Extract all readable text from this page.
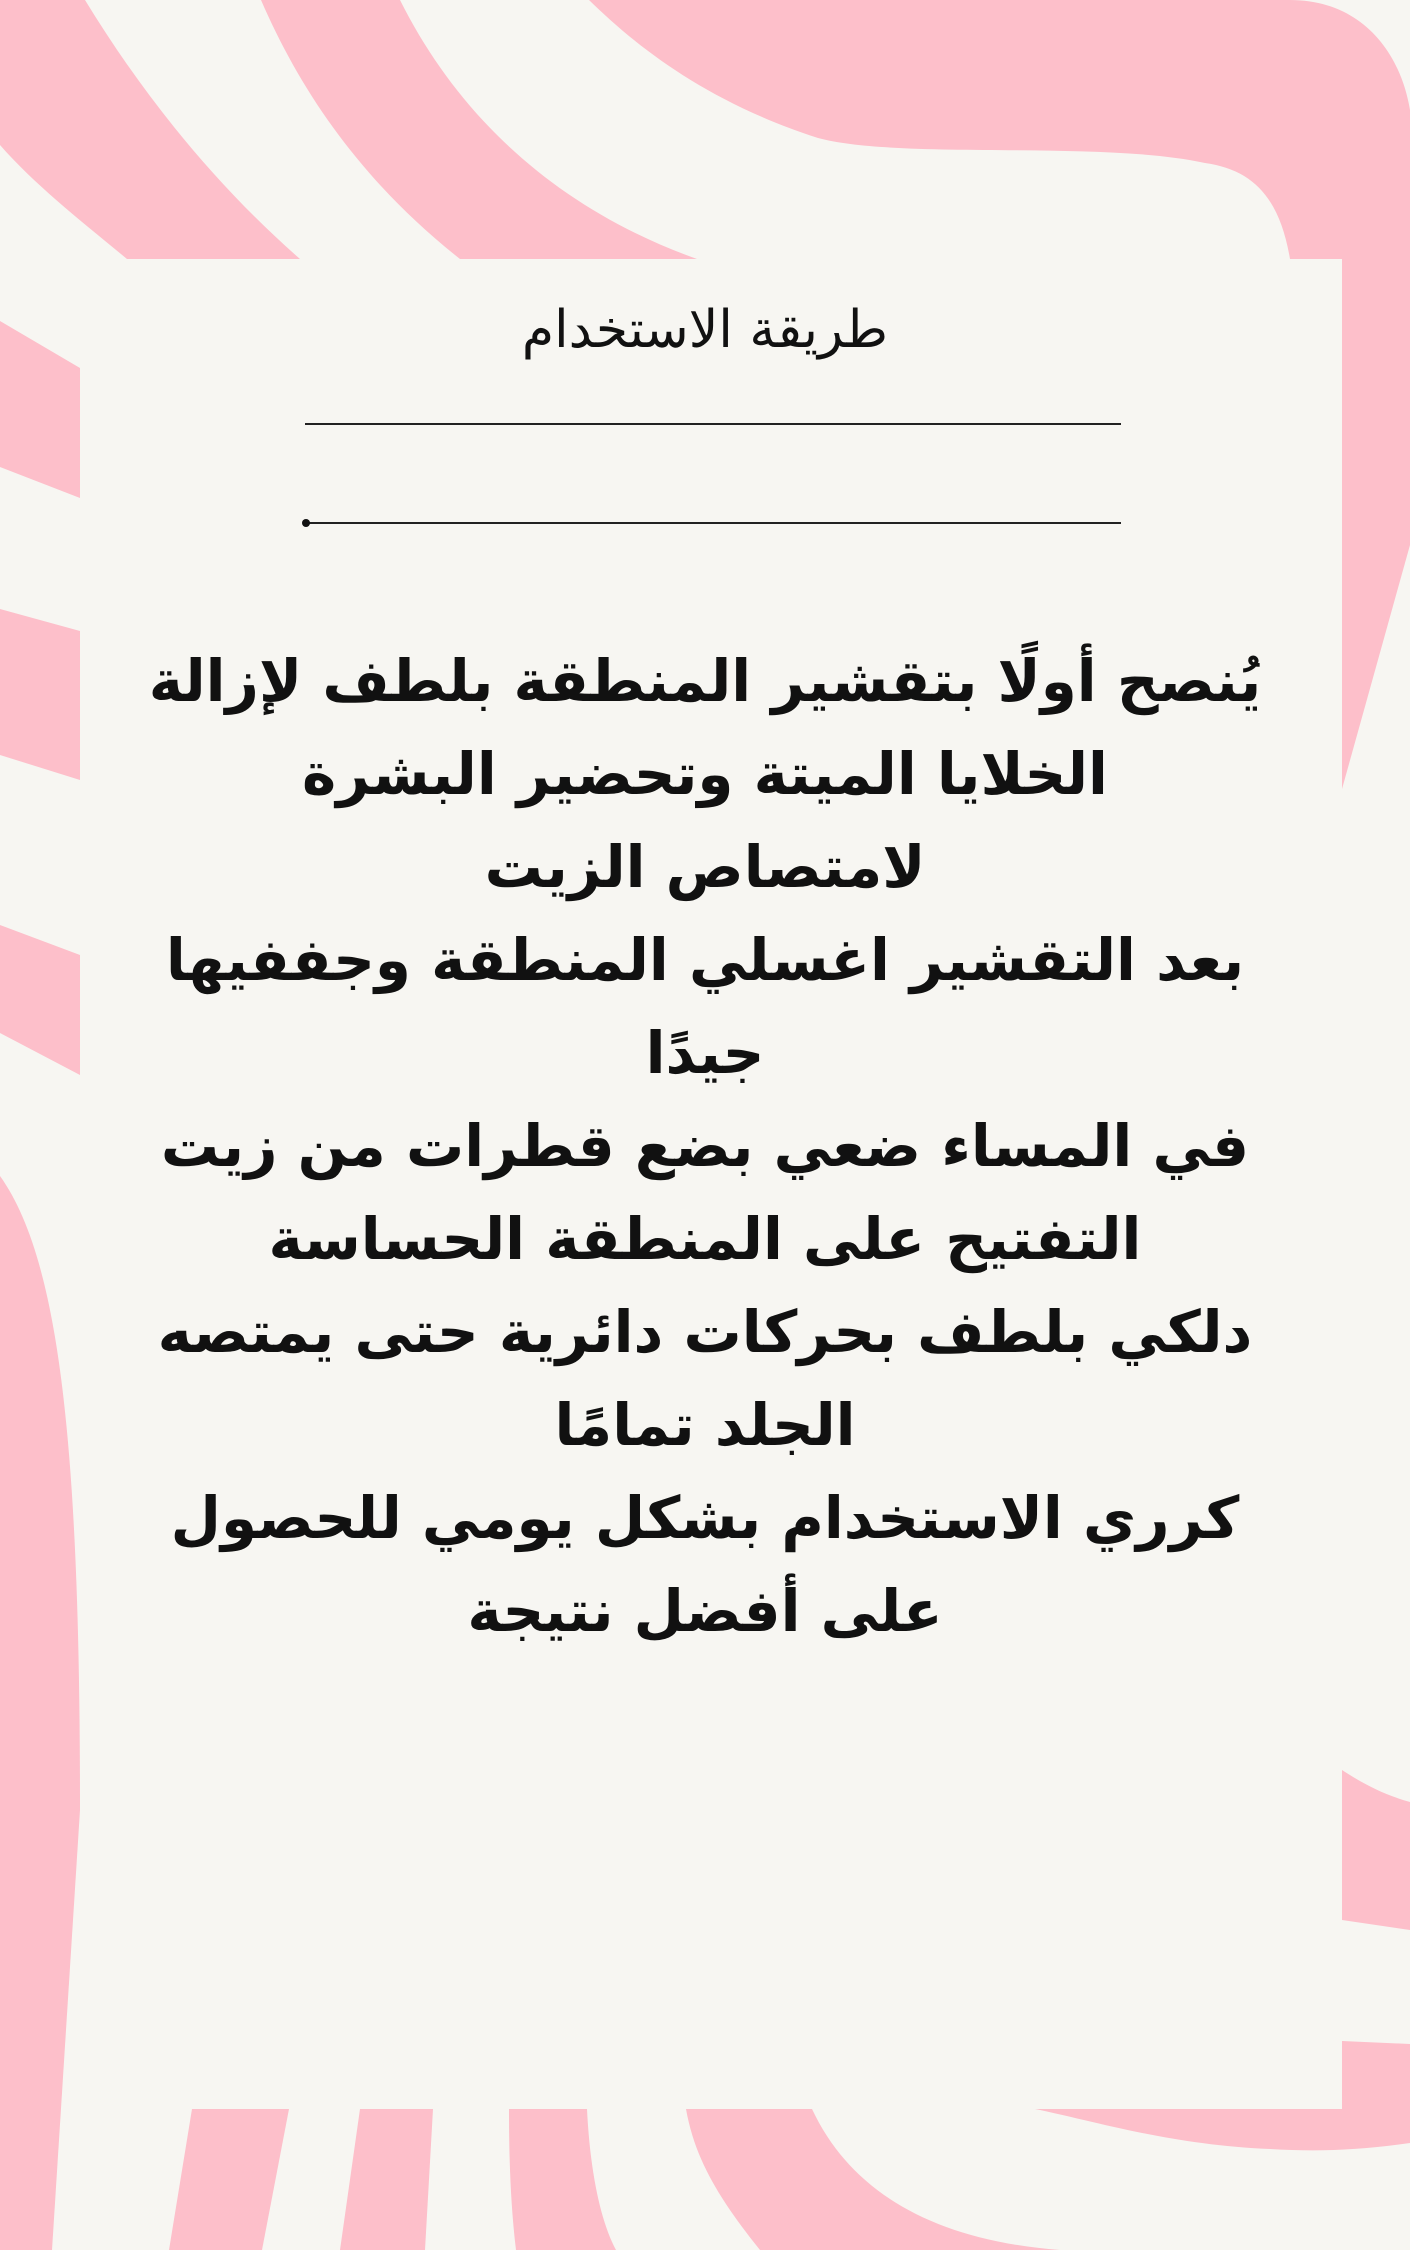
طريقة الاستخدام
يُنصح أولًا بتقشير المنطقة بلطف لإزالة
الخلايا الميتة وتحضير البشرة
لامتصاص الزيت
بعد التقشير اغسلي المنطقة وجففيها
جيدًا
في المساء ضعي بضع قطرات من زيت
التفتيح على المنطقة الحساسة
دلكي بلطف بحركات دائرية حتى يمتصه
الجلد تمامًا
كرري الاستخدام بشكل يومي للحصول
على أفضل نتيجة
